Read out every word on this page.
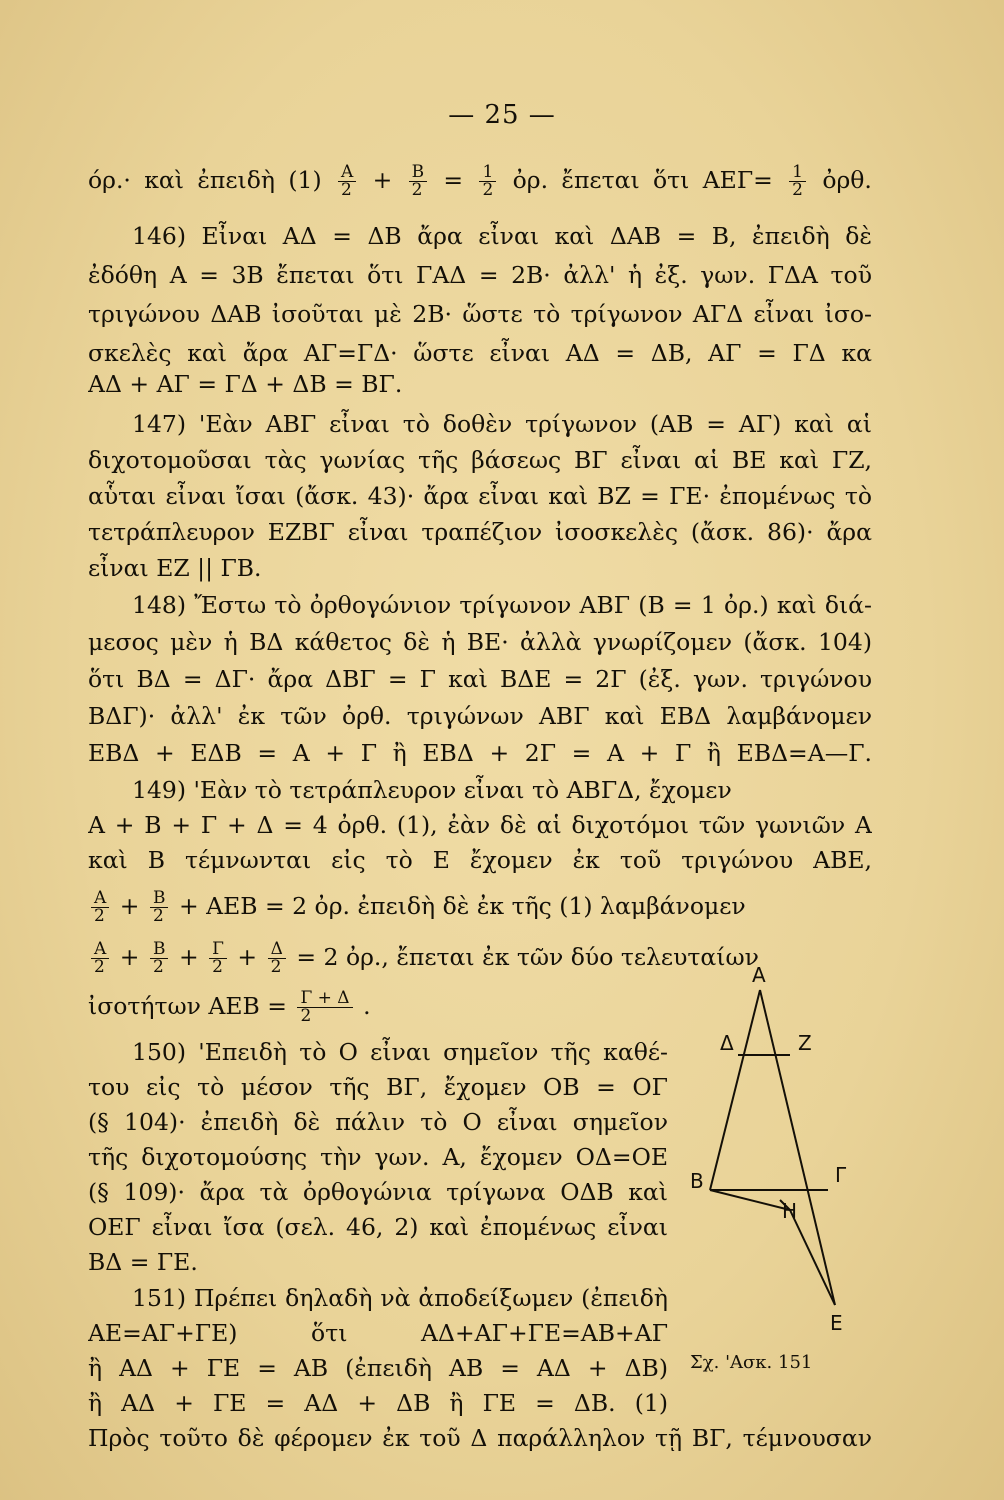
— 25 —
όρ.· καὶ ἐπειδὴ $(1) \frac{A}{2} + \frac{B}{2} = \frac{1}{2}$ ὀρ. ἔπεται ὅτι $AE\Gamma= \frac{1}{2}$ ὀρθ.
146) Εἶναι ΑΔ = ΔΒ ἄρα εἶναι καὶ ΔΑΒ = Β, ἐπειδὴ δὲ
ἐδόθη Α = 3Β ἔπεται ὅτι ΓΑΔ = 2Β· ἀλλ' ἡ ἐξ. γων. ΓΔΑ τοῦ
τριγώνου ΔΑΒ ἰσοῦται μὲ 2Β· ὥστε τὸ τρίγωνον ΑΓΔ εἶναι ἰσο-
σκελὲς καὶ ἄρα ΑΓ=ΓΔ· ὥστε εἶναι ΑΔ = ΔΒ, ΑΓ = ΓΔ κα
ΑΔ + ΑΓ = ΓΔ + ΔΒ = ΒΓ.
147) 'Εὰν ΑΒΓ εἶναι τὸ δοθὲν τρίγωνον (ΑΒ = ΑΓ) καὶ αἱ
διχοτομοῦσαι τὰς γωνίας τῆς βάσεως ΒΓ εἶναι αἱ ΒΕ καὶ ΓΖ,
αὗται εἶναι ἴσαι (ἄσκ. 43)· ἄρα εἶναι καὶ ΒΖ = ΓΕ· ἐπομένως τὸ
τετράπλευρον ΕΖΒΓ εἶναι τραπέζιον ἰσοσκελὲς (ἄσκ. 86)· ἄρα
εἶναι ΕΖ || ΓΒ.
148) Ἔστω τὸ ὀρθογώνιον τρίγωνον ΑΒΓ (Β = 1 ὀρ.) καὶ διά-
μεσος μὲν ἡ ΒΔ κάθετος δὲ ἡ ΒΕ· ἀλλὰ γνωρίζομεν (ἄσκ. 104)
ὅτι ΒΔ = ΔΓ· ἄρα ΔΒΓ = Γ καὶ ΒΔΕ = 2Γ (ἐξ. γων. τριγώνου
ΒΔΓ)· ἀλλ' ἐκ τῶν ὀρθ. τριγώνων ΑΒΓ καὶ ΕΒΔ λαμβάνομεν
ΕΒΔ + ΕΔΒ = Α + Γ ἢ ΕΒΔ + 2Γ = Α + Γ ἢ ΕΒΔ=Α—Γ.
149) 'Εὰν τὸ τετράπλευρον εἶναι τὸ ΑΒΓΔ, ἔχομεν
Α + Β + Γ + Δ = 4 ὀρθ. (1), ἐὰν δὲ αἱ διχοτόμοι τῶν γωνιῶν Α
καὶ Β τέμνωνται εἰς τὸ Ε ἔχομεν ἐκ τοῦ τριγώνου ΑΒΕ,
$\frac{A}{2} + \frac{B}{2} + AEB = 2$ ὀρ. ἐπειδὴ δὲ ἐκ τῆς (1) λαμβάνομεν
$\frac{A}{2} + \frac{B}{2} + \frac{\Gamma}{2} + \frac{\Delta}{2} = 2$ ὀρ., ἔπεται ἐκ τῶν δύο τελευταίων
ἰσοτήτων $AEB = \frac{\Gamma + \Delta}{2}$ .
150) 'Επειδὴ τὸ Ο εἶναι σημεῖον τῆς καθέ-
του εἰς τὸ μέσον τῆς ΒΓ, ἔχομεν ΟΒ = ΟΓ
(§ 104)· ἐπειδὴ δὲ πάλιν τὸ Ο εἶναι σημεῖον
τῆς διχοτομούσης τὴν γων. Α, ἔχομεν ΟΔ=ΟΕ
(§ 109)· ἄρα τὰ ὀρθογώνια τρίγωνα ΟΔΒ καὶ
ΟΕΓ εἶναι ἴσα (σελ. 46, 2) καὶ ἐπομένως εἶναι
ΒΔ = ΓΕ.
151) Πρέπει δηλαδὴ νὰ ἀποδείξωμεν (ἐπειδὴ
ΑΕ=ΑΓ+ΓΕ) ὅτι ΑΔ+ΑΓ+ΓΕ=ΑΒ+ΑΓ
ἢ ΑΔ + ΓΕ = ΑΒ (ἐπειδὴ ΑΒ = ΑΔ + ΔΒ)
ἢ ΑΔ + ΓΕ = ΑΔ + ΔΒ ἢ ΓΕ = ΔΒ. (1)
Πρὸς τοῦτο δὲ φέρομεν ἐκ τοῦ Δ παράλληλον τῇ ΒΓ, τέμνουσαν
Α
Δ	Z
Β	Γ
Η
Ε
Σχ. 'Ασκ. 151
